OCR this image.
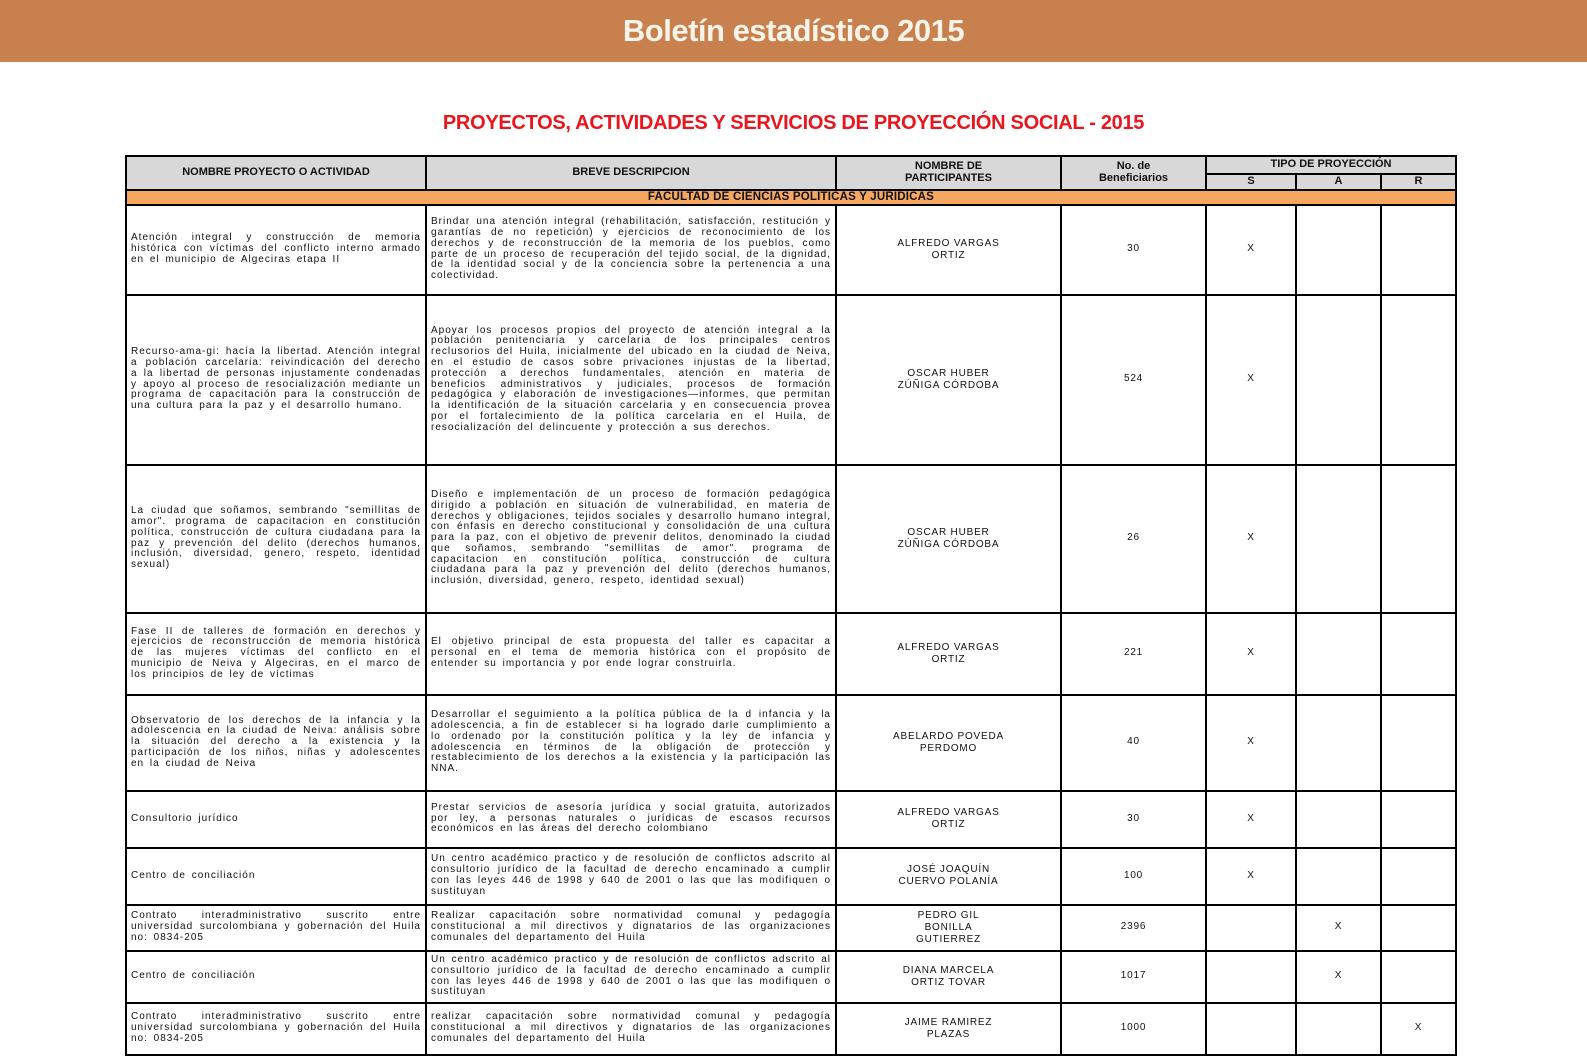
Boletín estadístico 2015
PROYECTOS, ACTIVIDADES Y SERVICIOS DE PROYECCIÓN SOCIAL - 2015
NOMBRE PROYECTO O ACTIVIDAD	BREVE DESCRIPCION	NOMBRE DE PARTICIPANTES	No. de Beneficiarios	TIPO DE PROYECCIÓN		
				S	A	R
FACULTAD DE CIENCIAS POLITICAS Y JURIDICAS						
Atención integral y construcción de memoria histórica con víctimas del conflicto interno armado en el municipio de Algeciras etapa II	Brindar una atención integral (rehabilitación, satisfacción, restitución y garantías de no repetición) y ejercicios de reconocimiento de los derechos y de reconstrucción de la memoria de los pueblos, como parte de un proceso de recuperación del tejido social, de la dignidad, de la identidad social y de la conciencia sobre la pertenencia a una colectividad.	ALFREDO VARGAS ORTIZ	30	X		
Recurso-ama-gi: hacía la libertad. Atención integral a población carcelaria: reivindicación del derecho a la libertad de personas injustamente condenadas y apoyo al proceso de resocialización mediante un programa de capacitación para la construcción de una cultura para la paz y el desarrollo humano.	Apoyar los procesos propios del proyecto de atención integral a la población penitenciaria y carcelaria de los principales centros reclusorios del Huila, inicialmente del ubicado en la ciudad de Neiva, en el estudio de casos sobre privaciones injustas de la libertad, protección a derechos fundamentales, atención en materia de beneficios administrativos y judiciales, procesos de formación pedagógica y elaboración de investigaciones—informes, que permitan la identificación de la situación carcelaria y en consecuencia provea por el fortalecimiento de la política carcelaria en el Huila, de resocialización del delincuente y protección a sus derechos.	OSCAR HUBER ZÚÑIGA CÓRDOBA	524	X		
La ciudad que soñamos, sembrando "semillitas de amor". programa de capacitacion en constitución política, construcción de cultura ciudadana para la paz y prevención del delito (derechos humanos, inclusión, diversidad, genero, respeto, identidad sexual)	Diseño e implementación de un proceso de formación pedagógica dirigido a población en situación de vulnerabilidad, en materia de derechos y obligaciones, tejidos sociales y desarrollo humano integral, con énfasis en derecho constitucional y consolidación de una cultura para la paz, con el objetivo de prevenir delitos, denominado la ciudad que soñamos, sembrando "semillitas de amor". programa de capacitacion en constitución política, construcción de cultura ciudadana para la paz y prevención del delito (derechos humanos, inclusión, diversidad, genero, respeto, identidad sexual)	OSCAR HUBER ZÚÑIGA CÓRDOBA	26	X		
Fase II de talleres de formación en derechos y ejercicios de reconstrucción de memoria histórica de las mujeres víctimas del conflicto en el municipio de Neiva y Algeciras, en el marco de los principios de ley de víctimas	El objetivo principal de esta propuesta del taller es capacitar a personal en el tema de memoria histórica con el propósito de entender su importancia y por ende lograr construirla.	ALFREDO VARGAS ORTIZ	221	X		
Observatorio de los derechos de la infancia y la adolescencia en la ciudad de Neiva: análisis sobre la situación del derecho a la existencia y la participación de los niños, niñas y adolescentes en la ciudad de Neiva	Desarrollar el seguimiento a la política pública de la d infancia y la adolescencia, a fin de establecer si ha logrado darle cumplimiento a lo ordenado por la constitución política y la ley de infancia y adolescencia en términos de la obligación de protección y restablecimiento de los derechos a la existencia y la participación las NNA.	ABELARDO POVEDA PERDOMO	40	X		
Consultorio jurídico	Prestar servicios de asesoría jurídica y social gratuita, autorizados por ley, a personas naturales o jurídicas de escasos recursos económicos en las áreas del derecho colombiano	ALFREDO VARGAS ORTIZ	30	X		
Centro de conciliación	Un centro académico practico y de resolución de conflictos adscrito al consultorio jurídico de la facultad de derecho encaminado a cumplir con las leyes 446 de 1998 y 640 de 2001 o las que las modifiquen o sustituyan	JOSÉ JOAQUÍN CUERVO POLANÍA	100	X		
Contrato interadministrativo suscrito entre universidad surcolombiana y gobernación del Huila no: 0834-205	Realizar capacitación sobre normatividad comunal y pedagogía constitucional a mil directivos y dignatarios de las organizaciones comunales del departamento del Huila	PEDRO GIL BONILLA GUTIERREZ	2396		X	
Centro de conciliación	Un centro académico practico y de resolución de conflictos adscrito al consultorio jurídico de la facultad de derecho encaminado a cumplir con las leyes 446 de 1998 y 640 de 2001 o las que las modifiquen o sustituyan	DIANA MARCELA ORTIZ TOVAR	1017		X	
Contrato interadministrativo suscrito entre universidad surcolombiana y gobernación del Huila no: 0834-205	realizar capacitación sobre normatividad comunal y pedagogía constitucional a mil directivos y dignatarios de las organizaciones comunales del departamento del Huila	JAIME RAMIREZ PLAZAS	1000			X
